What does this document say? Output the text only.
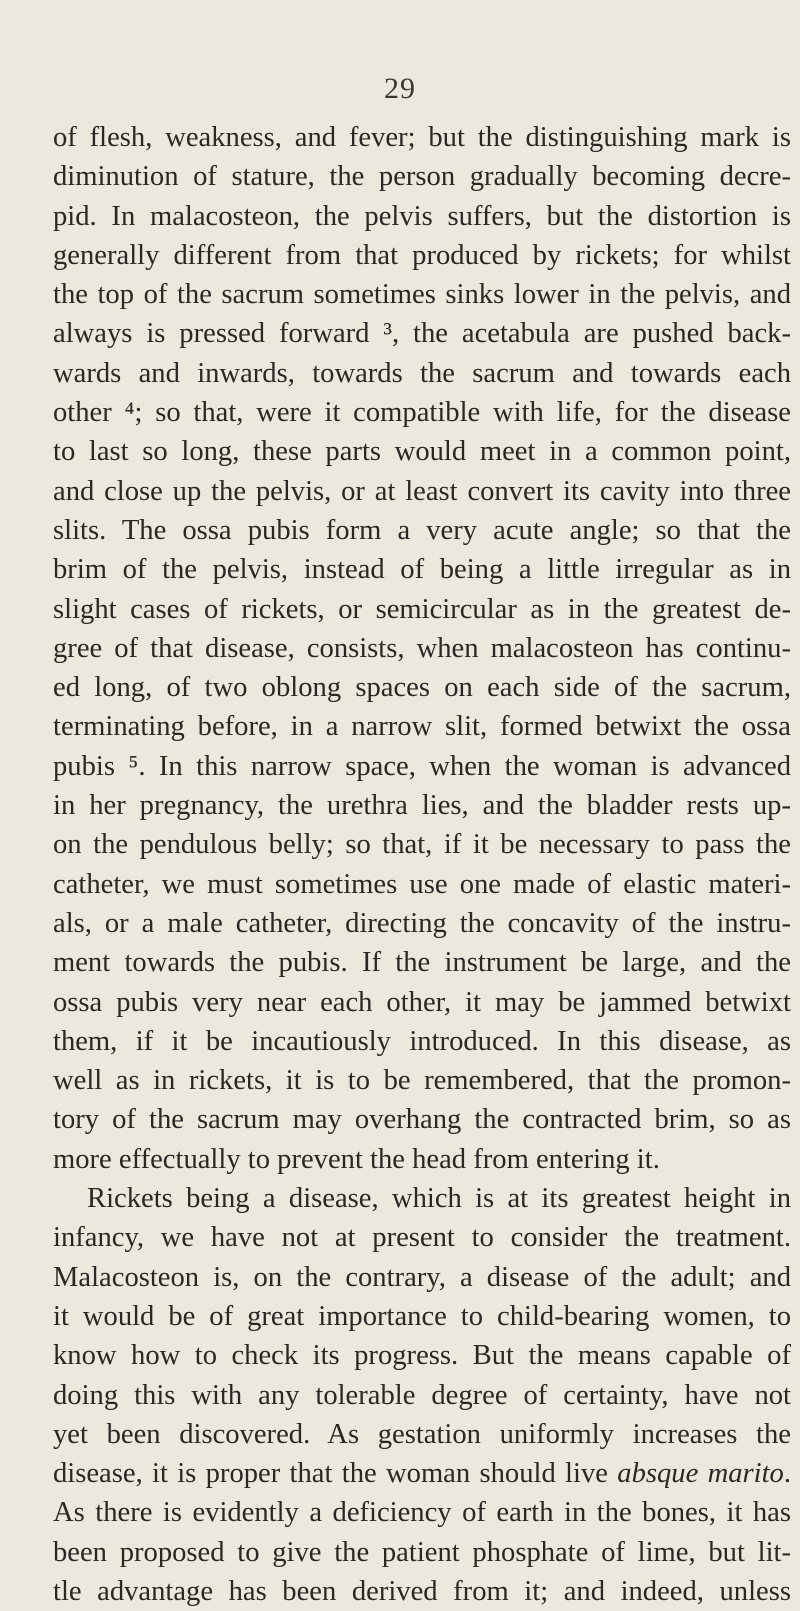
29
of flesh, weakness, and fever; but the distinguishing mark is
diminution of stature, the person gradually becoming decre-
pid. In malacosteon, the pelvis suffers, but the distortion is
generally different from that produced by rickets; for whilst
the top of the sacrum sometimes sinks lower in the pelvis, and
always is pressed forward ³, the acetabula are pushed back-
wards and inwards, towards the sacrum and towards each
other ⁴; so that, were it compatible with life, for the disease
to last so long, these parts would meet in a common point,
and close up the pelvis, or at least convert its cavity into three
slits. The ossa pubis form a very acute angle; so that the
brim of the pelvis, instead of being a little irregular as in
slight cases of rickets, or semicircular as in the greatest de-
gree of that disease, consists, when malacosteon has continu-
ed long, of two oblong spaces on each side of the sacrum,
terminating before, in a narrow slit, formed betwixt the ossa
pubis ⁵. In this narrow space, when the woman is advanced
in her pregnancy, the urethra lies, and the bladder rests up-
on the pendulous belly; so that, if it be necessary to pass the
catheter, we must sometimes use one made of elastic materi-
als, or a male catheter, directing the concavity of the instru-
ment towards the pubis. If the instrument be large, and the
ossa pubis very near each other, it may be jammed betwixt
them, if it be incautiously introduced. In this disease, as
well as in rickets, it is to be remembered, that the promon-
tory of the sacrum may overhang the contracted brim, so as
more effectually to prevent the head from entering it.
Rickets being a disease, which is at its greatest height in
infancy, we have not at present to consider the treatment.
Malacosteon is, on the contrary, a disease of the adult; and
it would be of great importance to child-bearing women, to
know how to check its progress. But the means capable of
doing this with any tolerable degree of certainty, have not
yet been discovered. As gestation uniformly increases the
disease, it is proper that the woman should live absque marito.
As there is evidently a deficiency of earth in the bones, it has
been proposed to give the patient phosphate of lime, but lit-
tle advantage has been derived from it; and indeed, unless
